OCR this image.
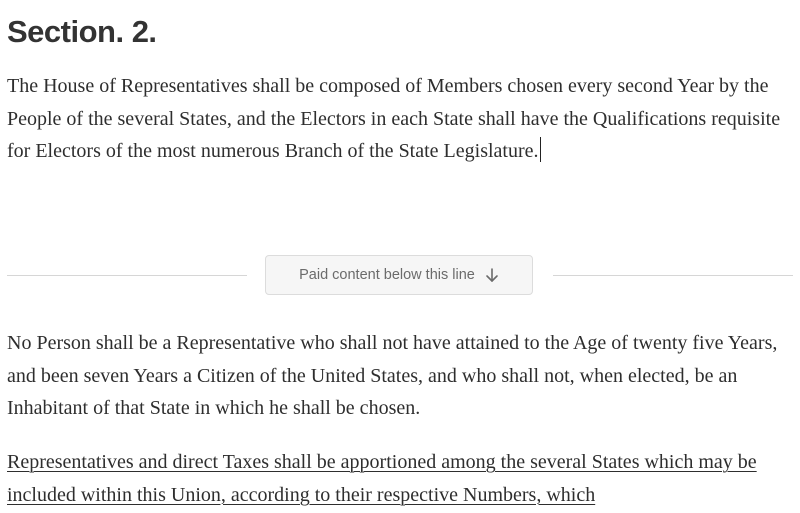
Section. 2.

The House of Representatives shall be composed of Members chosen every second Year by the People of the several States, and the Electors in each State shall have the Qualifications requisite for Electors of the most numerous Branch of the State Legislature.

Paid content below this line

No Person shall be a Representative who shall not have attained to the Age of twenty five Years, and been seven Years a Citizen of the United States, and who shall not, when elected, be an Inhabitant of that State in which he shall be chosen.

Representatives and direct Taxes shall be apportioned among the several States which may be included within this Union, according to their respective Numbers, which
